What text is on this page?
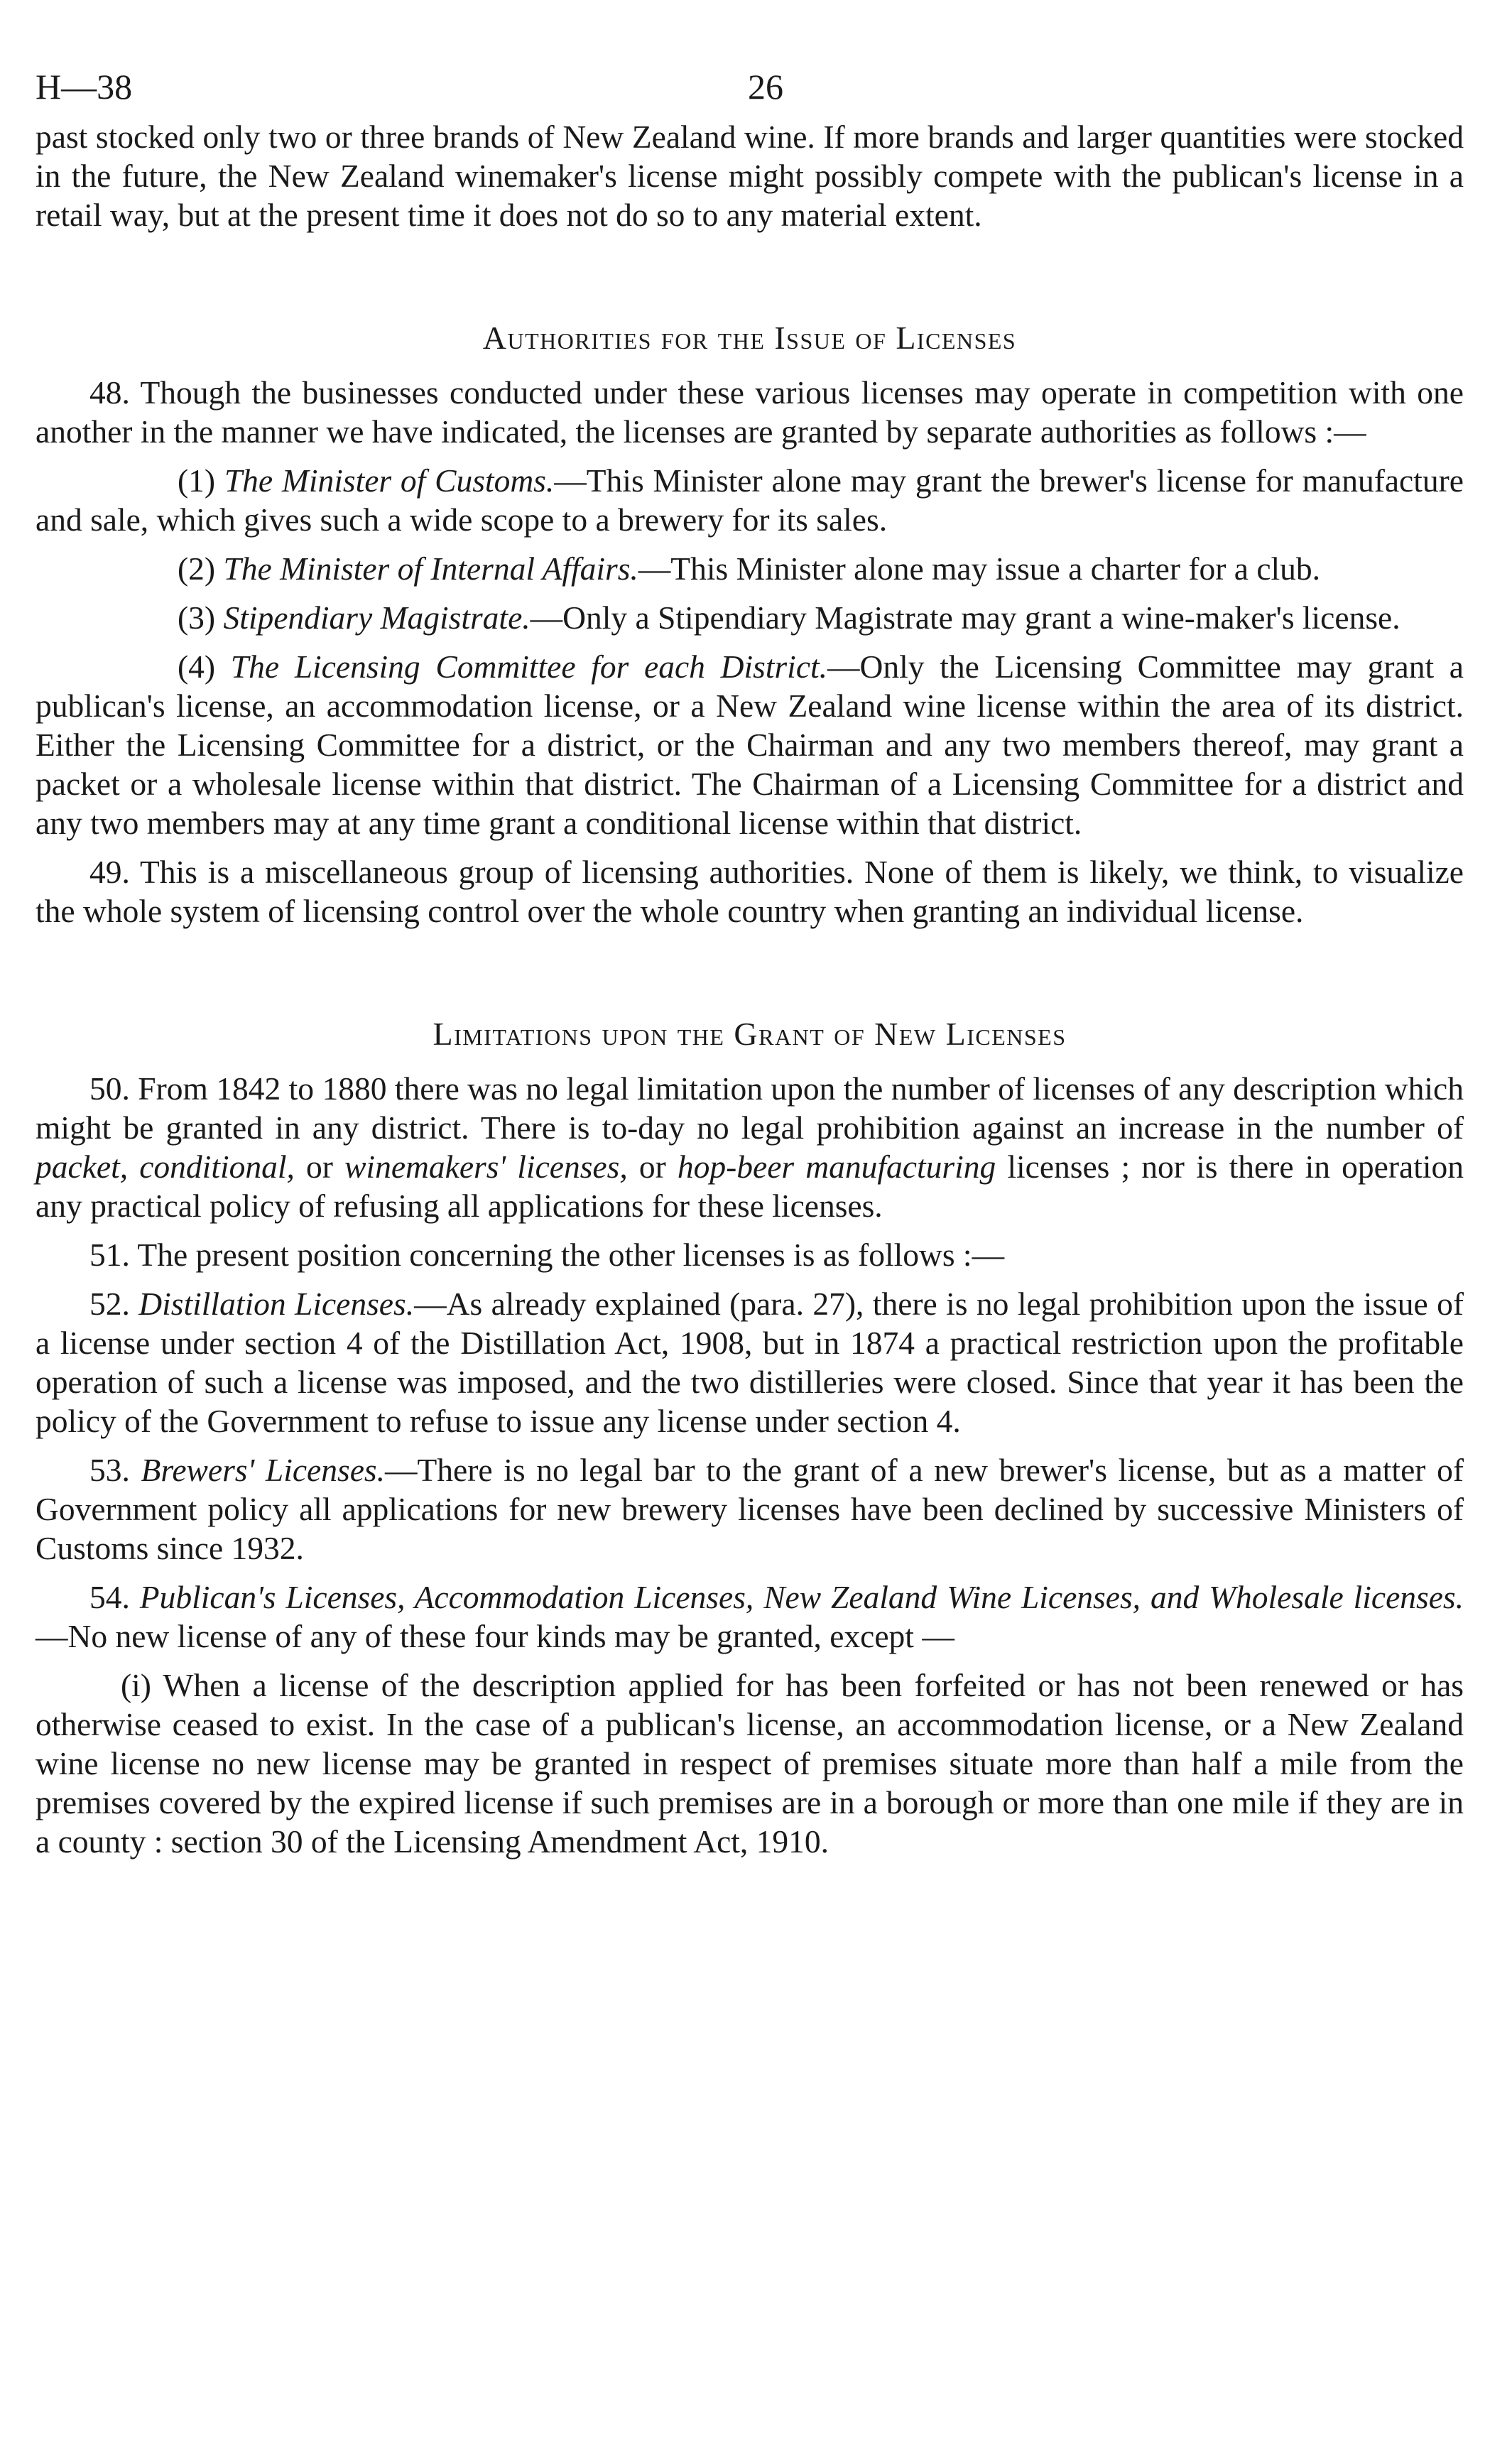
H—38	26

past stocked only two or three brands of New Zealand wine. If more brands and larger quantities were stocked in the future, the New Zealand winemaker's license might possibly compete with the publican's license in a retail way, but at the present time it does not do so to any material extent.

Authorities for the Issue of Licenses

48. Though the businesses conducted under these various licenses may operate in competition with one another in the manner we have indicated, the licenses are granted by separate authorities as follows :—

(1) The Minister of Customs.—This Minister alone may grant the brewer's license for manufacture and sale, which gives such a wide scope to a brewery for its sales.

(2) The Minister of Internal Affairs.—This Minister alone may issue a charter for a club.

(3) Stipendiary Magistrate.—Only a Stipendiary Magistrate may grant a wine-maker's license.

(4) The Licensing Committee for each District.—Only the Licensing Committee may grant a publican's license, an accommodation license, or a New Zealand wine license within the area of its district. Either the Licensing Committee for a district, or the Chairman and any two members thereof, may grant a packet or a wholesale license within that district. The Chairman of a Licensing Committee for a district and any two members may at any time grant a conditional license within that district.

49. This is a miscellaneous group of licensing authorities. None of them is likely, we think, to visualize the whole system of licensing control over the whole country when granting an individual license.

Limitations upon the Grant of New Licenses

50. From 1842 to 1880 there was no legal limitation upon the number of licenses of any description which might be granted in any district. There is to-day no legal prohibition against an increase in the number of packet, conditional, or winemakers' licenses, or hop-beer manufacturing licenses ; nor is there in operation any practical policy of refusing all applications for these licenses.

51. The present position concerning the other licenses is as follows :—

52. Distillation Licenses.—As already explained (para. 27), there is no legal prohibition upon the issue of a license under section 4 of the Distillation Act, 1908, but in 1874 a practical restriction upon the profitable operation of such a license was imposed, and the two distilleries were closed. Since that year it has been the policy of the Government to refuse to issue any license under section 4.

53. Brewers' Licenses.—There is no legal bar to the grant of a new brewer's license, but as a matter of Government policy all applications for new brewery licenses have been declined by successive Ministers of Customs since 1932.

54. Publican's Licenses, Accommodation Licenses, New Zealand Wine Licenses, and Wholesale licenses.—No new license of any of these four kinds may be granted, except —

(i) When a license of the description applied for has been forfeited or has not been renewed or has otherwise ceased to exist. In the case of a publican's license, an accommodation license, or a New Zealand wine license no new license may be granted in respect of premises situate more than half a mile from the premises covered by the expired license if such premises are in a borough or more than one mile if they are in a county : section 30 of the Licensing Amendment Act, 1910.
